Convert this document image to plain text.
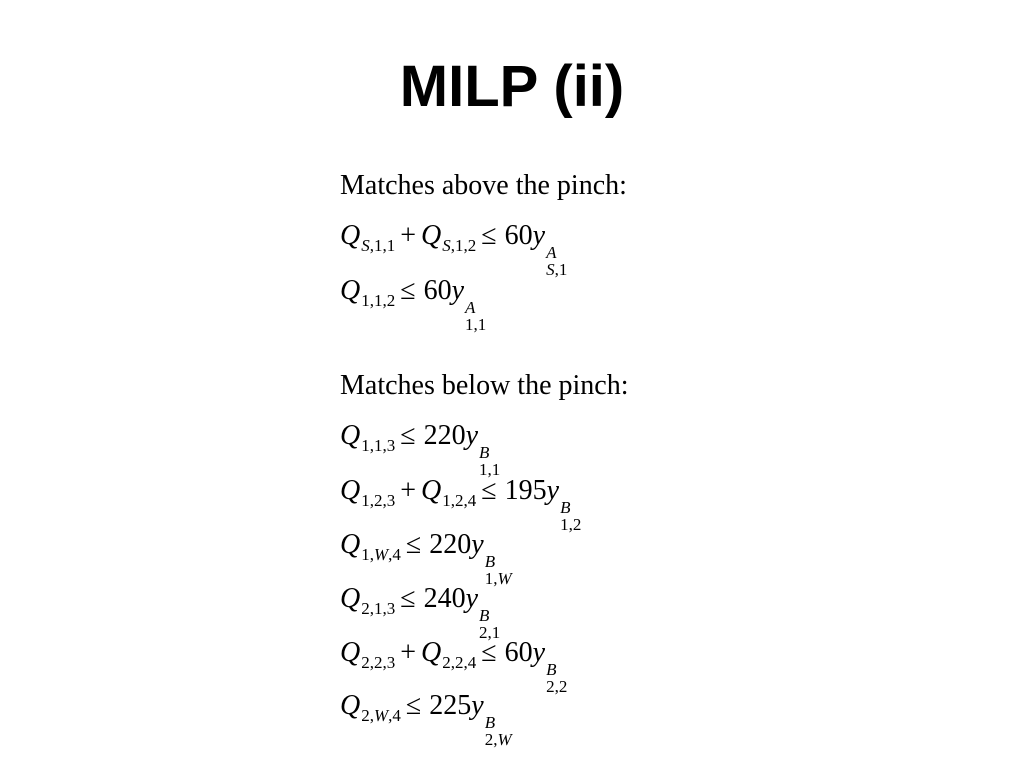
MILP (ii)
Matches above the pinch:
$Q_{S,1,1} + Q_{S,1,2} \le 60y$
A
S,1
$Q_{1,1,2} \le 60y$
A
1,1
Matches below the pinch:
$Q_{1,1,3} \le 220y$
B
1,1
$Q_{1,2,3} + Q_{1,2,4} \le 195y$
B
1,2
$Q_{1,W,4} \le 220y$
B
1,W
$Q_{2,1,3} \le 240y$
B
2,1
$Q_{2,2,3} + Q_{2,2,4} \le 60y$
B
2,2
$Q_{2,W,4} \le 225y$
B
2,W
